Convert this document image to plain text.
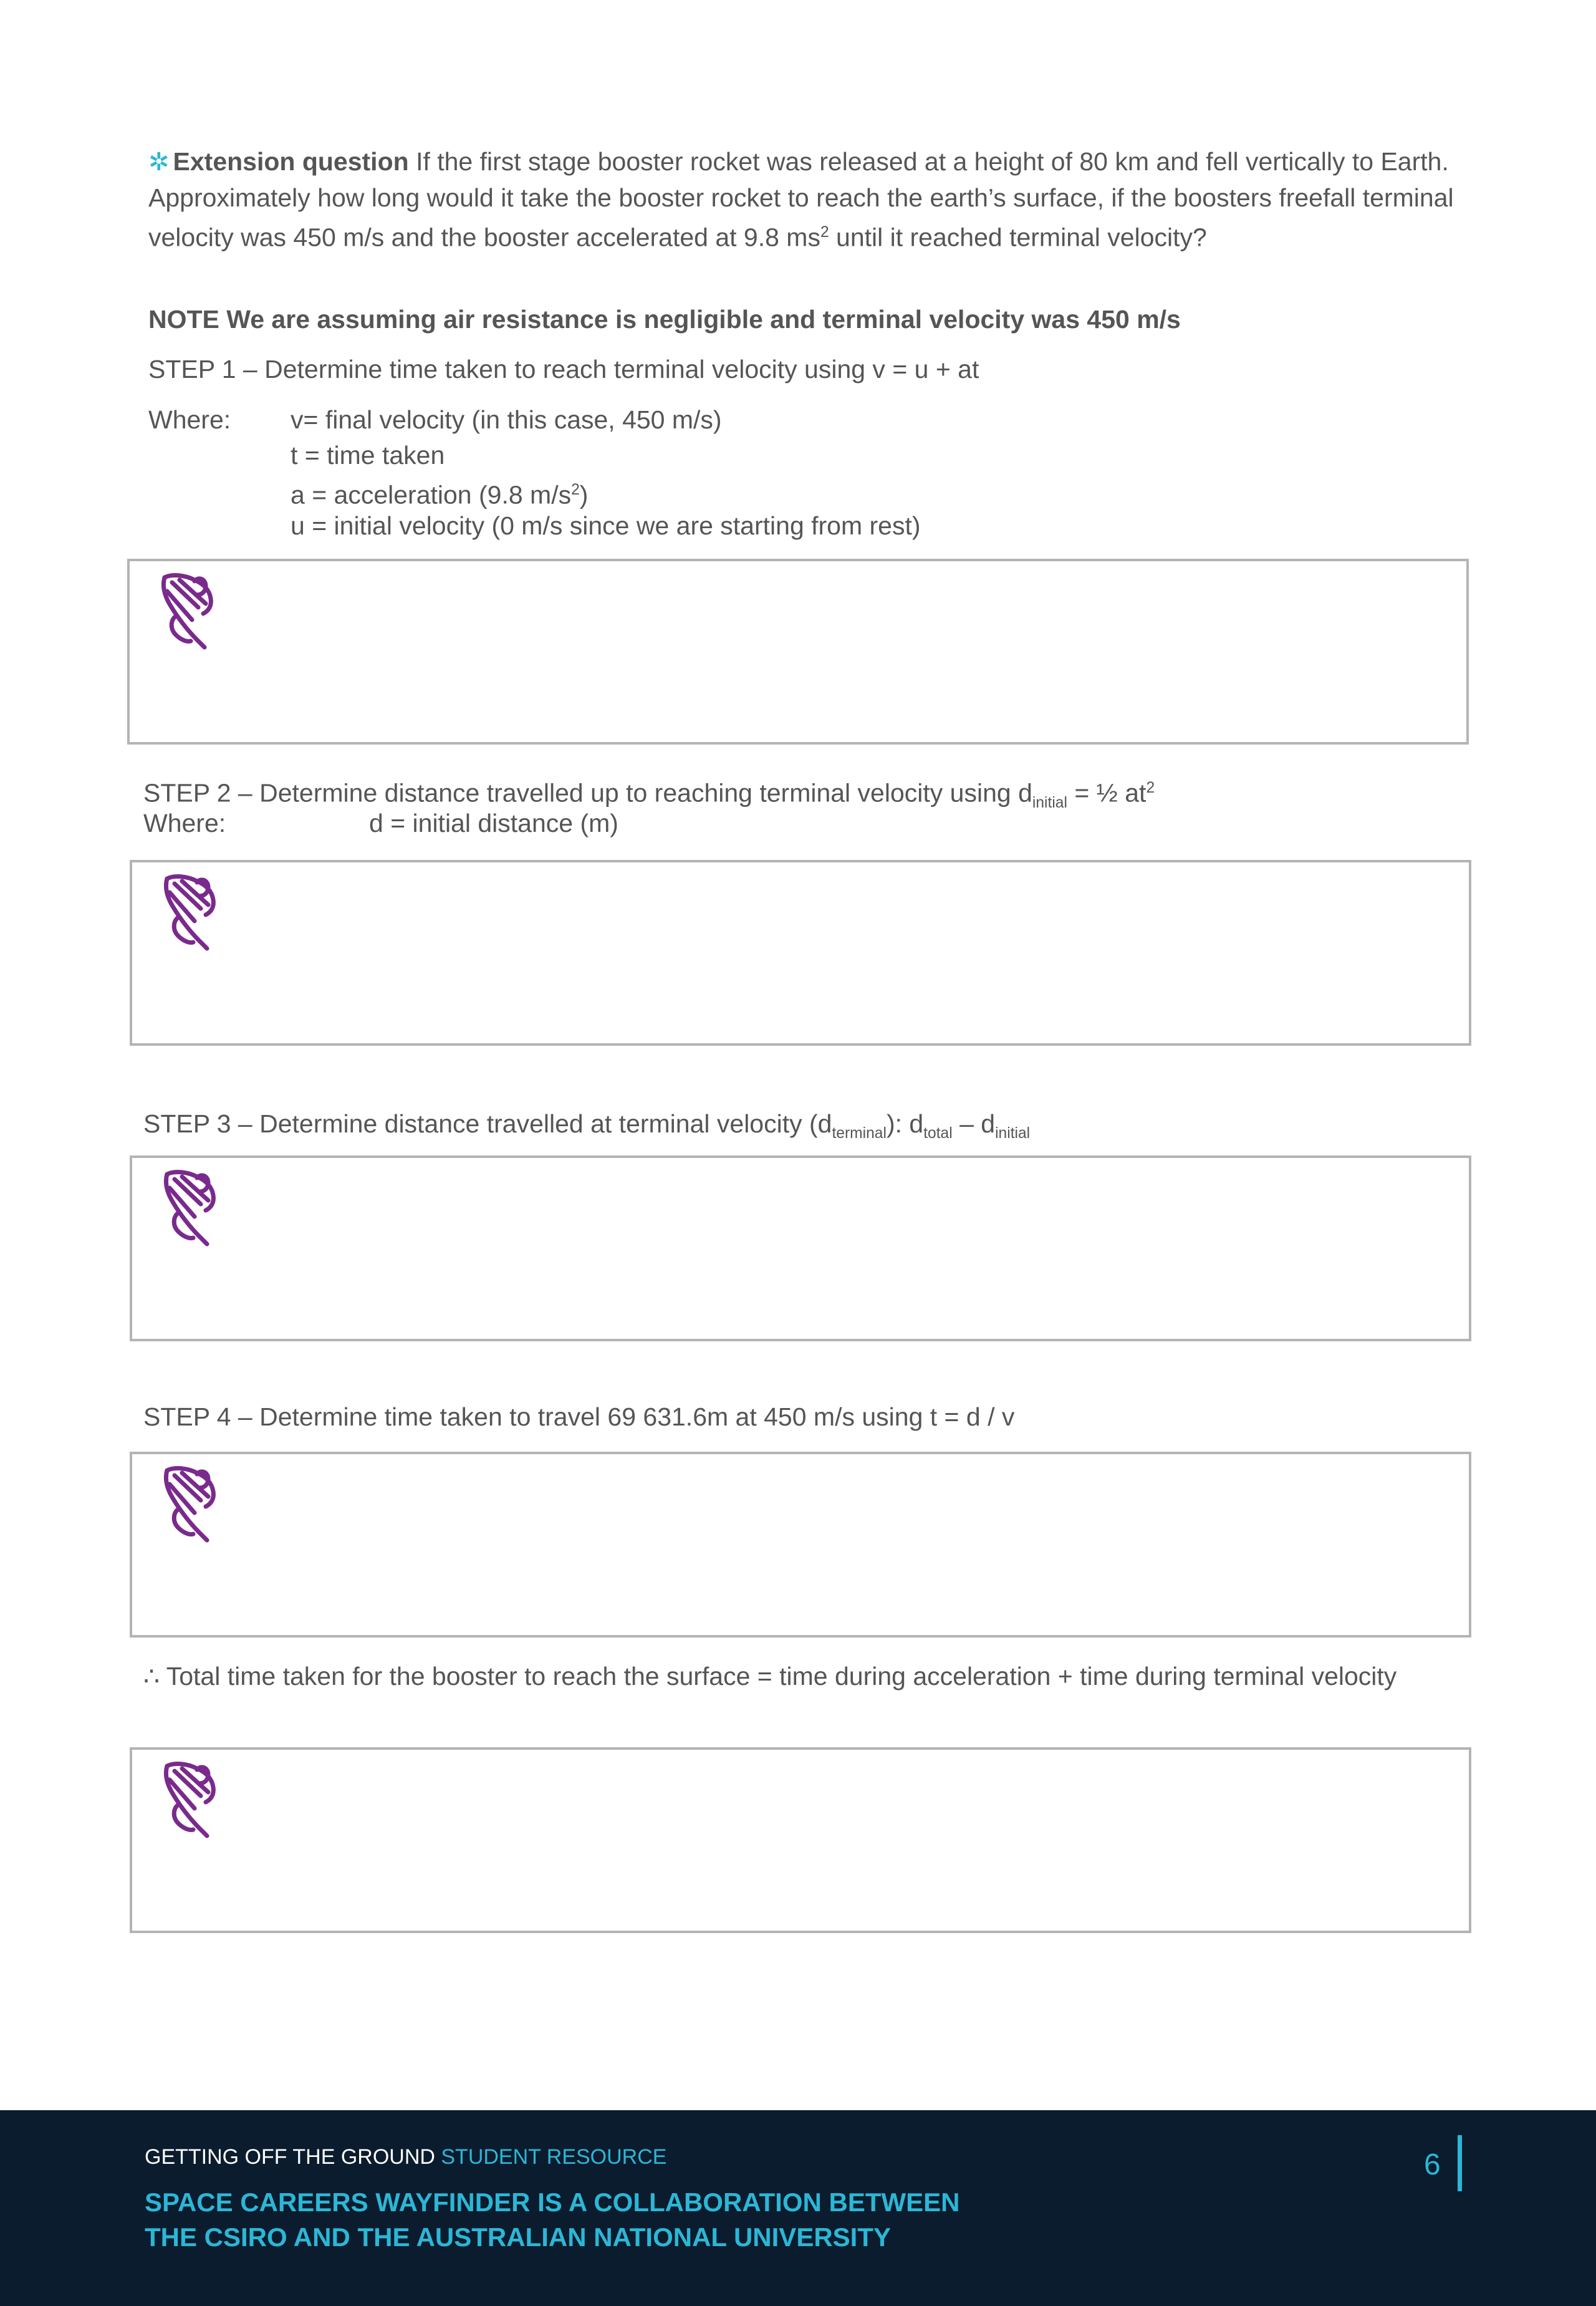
✲ Extension question If the first stage booster rocket was released at a height of 80 km and fell vertically to Earth. Approximately how long would it take the booster rocket to reach the earth’s surface, if the boosters freefall terminal velocity was 450 m/s and the booster accelerated at 9.8 $ms^2$ until it reached terminal velocity?

NOTE We are assuming air resistance is negligible and terminal velocity was 450 m/s

STEP 1 – Determine time taken to reach terminal velocity using v = u + at

Where: v= final velocity (in this case, 450 m/s)

t = time taken

a = acceleration (9.8 $m/s^2$)

u = initial velocity (0 m/s since we are starting from rest)

STEP 2 – Determine distance travelled up to reaching terminal velocity using $d_{initial}$ = ½ $at^2$

Where:	d = initial distance (m)

STEP 3 – Determine distance travelled at terminal velocity $(d_{terminal})$: $d_{total} - d_{initial}$

STEP 4 – Determine time taken to travel 69 631.6m at 450 m/s using t = d / v

∴ Total time taken for the booster to reach the surface = time during acceleration + time during terminal velocity

GETTING OFF THE GROUND STUDENT RESOURCE
SPACE CAREERS WAYFINDER IS A COLLABORATION BETWEEN
THE CSIRO AND THE AUSTRALIAN NATIONAL UNIVERSITY
6
